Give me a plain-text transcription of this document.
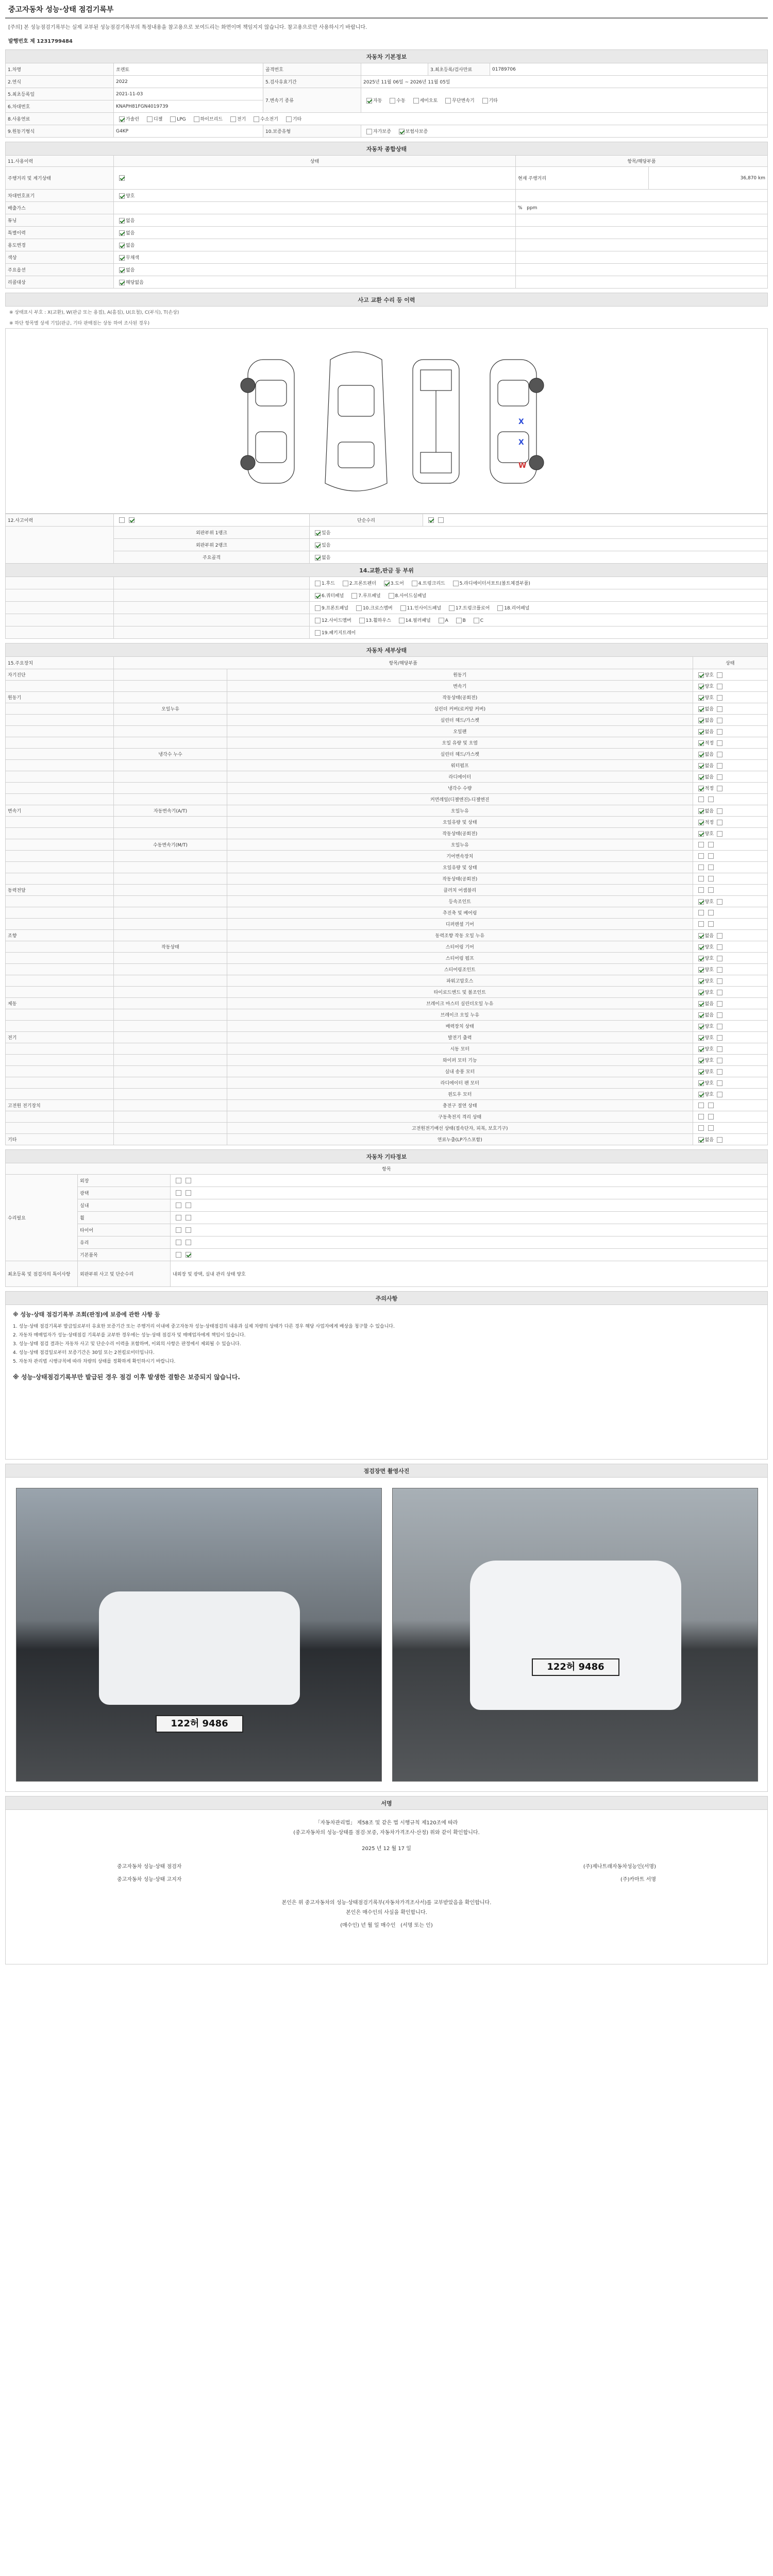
중고자동차 성능·상태 점검기록부
[주의] 본 성능점검기록부는 실제 교부된 성능점검기록부의 특정내용을 참고용으로 보여드리는 화면이며 책임지지 않습니다. 참고용으로만 사용하시기 바랍니다.
발행번호 제 1231799484
자동차 기본정보					
1.차명	쏘렌토	골격번호		3.최초등록/검사만료	01789706
2.연식	2022	5.검사유효기간	2025년 11월 06일 ~ 2026년 11월 05일		
5.최초등록일	2021-11-03	7.변속기 종류	자동 수동 세미오토 무단변속기 기타		
6.차대번호	KNAPH81FGN4019739				
8.사용연료	가솔린 디젤 LPG 하이브리드 전기 수소전기 기타				
9.원동기형식	G4KP	10.보증유형	자가보증 보험사보증		
자동차 종합상태			
11.사용이력	상태	항목/해당부품	
주행거리 및 계기상태		현재 주행거리	36,870 km
차대번호표기	양호		
배출가스		% ppm	
튜닝	없음		
특별이력	없음		
용도변경	없음		
색상	무채색		
주요옵션	없음		
리콜대상	해당없음		
사고 교환 수리 등 이력
※ 상태표시 부호 : X(교환), W(판금 또는 용접), A(흠집), U(요철), C(부식), T(손상)
※ 하단 항목별 상세 기입(판금, 기타 판매점는 상동 하여 조사된 경우)
X
X
W
12.사고이력		단순수리	
	외판부위 1랭크	있음	
	외판부위 2랭크	있음	
	주요골격	없음	
14.교환,판금 등 부위			
		1.후드 2.프론트펜더 3.도어 4.트렁크리드 5.라디에이터서포트(볼트체결부품)	
		6.쿼터패널 7.루프패널 8.사이드실패널	
		9.프론트패널 10.크로스멤버 11.인사이드패널 17.트렁크플로어 18.리어패널	
		12.사이드멤버 13.휠하우스 14.필러패널 A B C	
		19.패키지트레이	
자동차 세부상태			
15.주요장치	항목/해당부품		상태
자기진단		원동기	양호
		변속기	양호
원동기		작동상태(공회전)	양호
	오일누유	실린더 커버(로커암 커버)	없음
		실린더 헤드/가스켓	없음
		오일팬	없음
		오일 유량 및 오염	적정
	냉각수 누수	실린더 헤드/가스켓	없음
		워터펌프	없음
		라디에이터	없음
		냉각수 수량	적정
		커먼레일(디젤엔진)-디젤엔진	
변속기	자동변속기(A/T)	오일누유	없음
		오일유량 및 상태	적정
		작동상태(공회전)	양호
	수동변속기(M/T)	오일누유	
		기어변속장치	
		오일유량 및 상태	
		작동상태(공회전)	
동력전달		클러치 어셈블리	
		등속조인트	양호
		추진축 및 베어링	
		디퍼렌셜 기어	
조향		동력조향 작동 오일 누유	없음
	작동상태	스티어링 기어	양호
		스티어링 펌프	양호
		스티어링조인트	양호
		파워고압호스	양호
		타이로드엔드 및 볼조인트	양호
제동		브레이크 마스터 실린더오일 누유	없음
		브레이크 오일 누유	없음
		배력장치 상태	양호
전기		발전기 출력	양호
		시동 모터	양호
		와이퍼 모터 기능	양호
		실내 송풍 모터	양호
		라디에이터 팬 모터	양호
		윈도우 모터	양호
고전원 전기장치		충전구 절연 상태	
		구동축전지 격리 상태	
		고전원전기배선 상태(접속단자, 피복, 보호기구)	
기타		연료누출(LP가스포함)	없음
자동차 기타정보		
항목		
수리필요	외장	
	광택	
	실내	
	휠	
	타이어	
	유리	
	기본품목	
최초등록 및 점검자의 특이사항	외판부위 사고 및 단순수리	내외장 및 광택, 실내 관리 상태 양호
주의사항

※ 성능·상태 점검기록부 조회(판정)에 보증에 관한 사항 등
1. 성능·상태 점검기록부 발급일로부터 유효한 보증기간 또는 주행거리 이내에 중고자동차 성능·상태점검의 내용과 실제 차량의 상태가 다른 경우 해당 사업자에게 배상을 청구할 수 있습니다.
2. 자동차 매매업자가 성능·상태점검 기록부를 교부한 경우에는 성능·상태 점검자 및 매매업자에게 책임이 있습니다.
3. 성능·상태 점검 결과는 자동차 사고 및 단순수리 이력을 포함하며, 이외의 사항은 판정에서 제외될 수 있습니다.
4. 성능·상태 점검일로부터 보증기간은 30일 또는 2천킬로미터입니다.
5. 자동차 관리법 시행규칙에 따라 차량의 상태를 정확하게 확인하시기 바랍니다.
※ 성능·상태점검기록부만 발급된 경우 점검 이후 발생한 결함은 보증되지 않습니다.
점검장면 촬영사진

122허 9486
122허 9486
서명

「자동차관리법」 제58조 및 같은 법 시행규칙 제120조에 따라
(중고자동차의 성능·상태를 점검·보증, 자동차가격조사·산정) 위와 같이 확인합니다.
2025 년 12 월 17 일
중고자동차 성능·상태 점검자	(주)제나트래자동차성능인(서명)
중고자동차 성능·상태 고지자	(주)카마트 서명
본인은 위 중고자동차의 성능·상태점검기록부(자동차가격조사서)를 교부받았음을 확인합니다.
본인은 매수인의 사실을 확인합니다.
(매수인) 년 월 일 매수인 (서명 또는 인)
